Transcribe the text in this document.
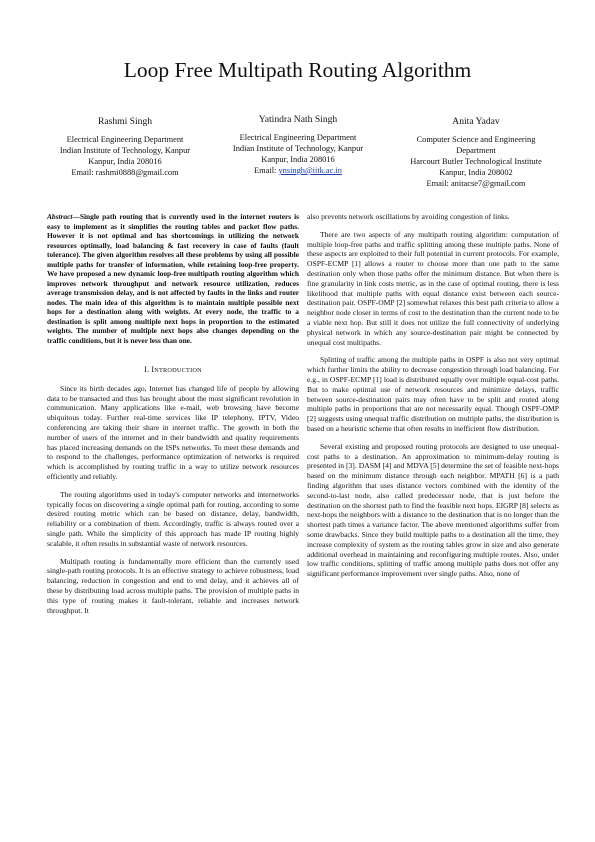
Loop Free Multipath Routing Algorithm
Rashmi Singh
Electrical Engineering Department
Indian Institute of Technology, Kanpur
Kanpur, India 208016
Email: rashmi0888@gmail.com
Yatindra Nath Singh
Electrical Engineering Department
Indian Institute of Technology, Kanpur
Kanpur, India 208016
Email: ynsingh@iitk.ac.in
Anita Yadav
Computer Science and Engineering
Department
Harcourt Butler Technological Institute
Kanpur, India 208002
Email: anitacse7@gmail.com

Abstract—Single path routing that is currently used in the internet routers is easy to implement as it simplifies the routing tables and packet flow paths. However it is not optimal and has shortcomings in utilizing the network resources optimally, load balancing & fast recovery in case of faults (fault tolerance). The given algorithm resolves all these problems by using all possible multiple paths for transfer of information, while retaining loop-free property. We have proposed a new dynamic loop-free multipath routing algorithm which improves network throughput and network resource utilization, reduces average transmission delay, and is not affected by faults in the links and router nodes. The main idea of this algorithm is to maintain multiple possible next hops for a destination along with weights. At every node, the traffic to a destination is split among multiple next hops in proportion to the estimated weights. The number of multiple next hops also changes depending on the traffic conditions, but it is never less than one.

I. INTRODUCTION

Since its birth decades ago, Internet has changed life of people by allowing data to be transacted and thus has brought about the most significant revolution in communication. Many applications like e-mail, web browsing have become ubiquitous today. Further real-time services like IP telephony, IPTV, Video conferencing are taking their share in internet traffic. The growth in both the number of users of the internet and in their bandwidth and quality requirements has placed increasing demands on the ISPs networks. To meet these demands and to respond to the challenges, performance optimization of networks is required which is accomplished by routing traffic in a way to utilize network resources efficiently and reliably.

The routing algorithms used in today's computer networks and internetworks typically focus on discovering a single optimal path for routing, according to some desired routing metric which can be based on distance, delay, bandwidth, reliability or a combination of them. Accordingly, traffic is always routed over a single path. While the simplicity of this approach has made IP routing highly scalable, it often results in substantial waste of network resources.

Multipath routing is fundamentally more efficient than the currently used single-path routing protocols. It is an effective strategy to achieve robustness, load balancing, reduction in congestion and end to end delay, and it achieves all of these by distributing load across multiple paths. The provision of multiple paths in this type of routing makes it fault-tolerant, reliable and increases network throughput. It

also prevents network oscillations by avoiding congestion of links.

There are two aspects of any multipath routing algorithm: computation of multiple loop-free paths and traffic splitting among these multiple paths. None of these aspects are exploited to their full potential in current protocols. For example, OSPF-ECMP [1] allows a router to choose more than one path to the same destination only when those paths offer the minimum distance. But when there is fine granularity in link costs metric, as in the case of optimal routing, there is less likelihood that multiple paths with equal distance exist between each source-destination pair. OSPF-OMP [2] somewhat relaxes this best path criteria to allow a neighbor node closer in terms of cost to the destination than the current node to be a viable next hop. But still it does not utilize the full connectivity of underlying physical network in which any source-destination pair might be connected by unequal cost multipaths.

Splitting of traffic among the multiple paths in OSPF is also not very optimal which further limits the ability to decrease congestion through load balancing. For e.g., in OSPF-ECMP [1] load is distributed equally over multiple equal-cost paths. But to make optimal use of network resources and minimize delays, traffic between source-destination pairs may often have to be split and routed along multiple paths in proportions that are not necessarily equal. Though OSPF-OMP [2] suggests using unequal traffic distribution on multiple paths, the distribution is based on a heuristic scheme that often results in inefficient flow distribution.

Several existing and proposed routing protocols are designed to use unequal-cost paths to a destination. An approximation to minimum-delay routing is presented in [3]. DASM [4] and MDVA [5] determine the set of feasible next-hops based on the minimum distance through each neighbor. MPATH [6] is a path finding algorithm that uses distance vectors combined with the identity of the second-to-last node, also called predecessor node, that is just before the destination on the shortest path to find the feasible next hops. EIGRP [8] selects as next-hops the neighbors with a distance to the destination that is no longer than the shortest path times a variance factor. The above mentioned algorithms suffer from some drawbacks. Since they build multiple paths to a destination all the time, they increase complexity of system as the routing tables grow in size and also generate additional overhead in maintaining and reconfiguring multiple routes. Also, under low traffic conditions, splitting of traffic among multiple paths does not offer any significant performance improvement over single paths. Also, none of
